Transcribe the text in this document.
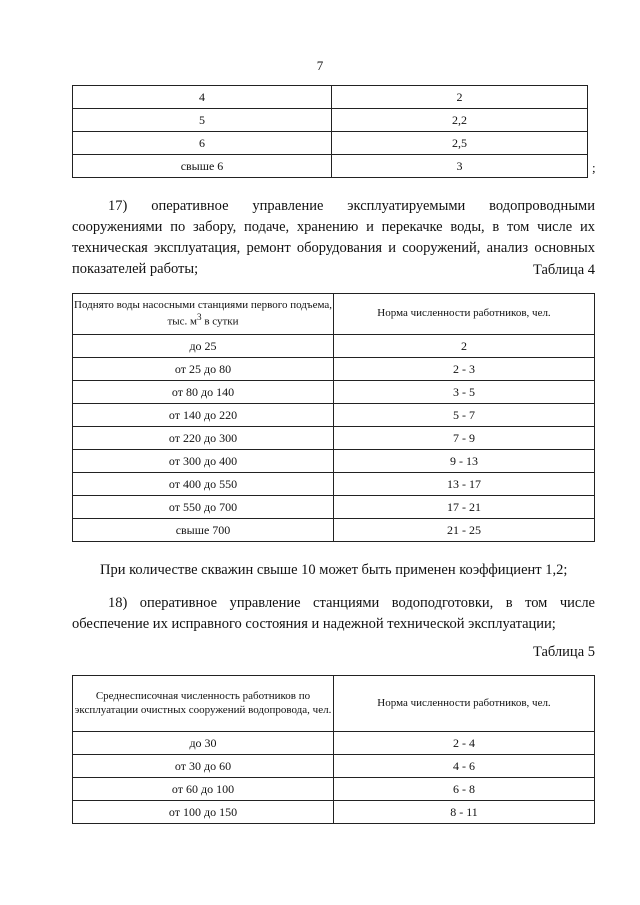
7
4	2
5	2,2
6	2,5
свыше 6	3	;
17) оперативное управление эксплуатируемыми водопроводными сооружениями по забору, подаче, хранению и перекачке воды, в том числе их техническая эксплуатация, ремонт оборудования и сооружений, анализ основных показателей работы;	Таблица 4
Поднято воды насосными станциями первого подъема, тыс. $м^3$ в сутки	Норма численности работников, чел.
до 25	2
от 25 до 80	2 - 3
от 80 до 140	3 - 5
от 140 до 220	5 - 7
от 220 до 300	7 - 9
от 300 до 400	9 - 13
от 400 до 550	13 - 17
от 550 до 700	17 - 21
свыше 700	21 - 25
При количестве скважин свыше 10 может быть применен коэффициент 1,2;
18) оперативное управление станциями водоподготовки, в том числе обеспечение их исправного состояния и надежной технической эксплуатации;
Таблица 5
Среднесписочная численность работников по эксплуатации очистных сооружений водопровода, чел.	Норма численности работников, чел.
до 30	2 - 4
от 30 до 60	4 - 6
от 60 до 100	6 - 8
от 100 до 150	8 - 11
